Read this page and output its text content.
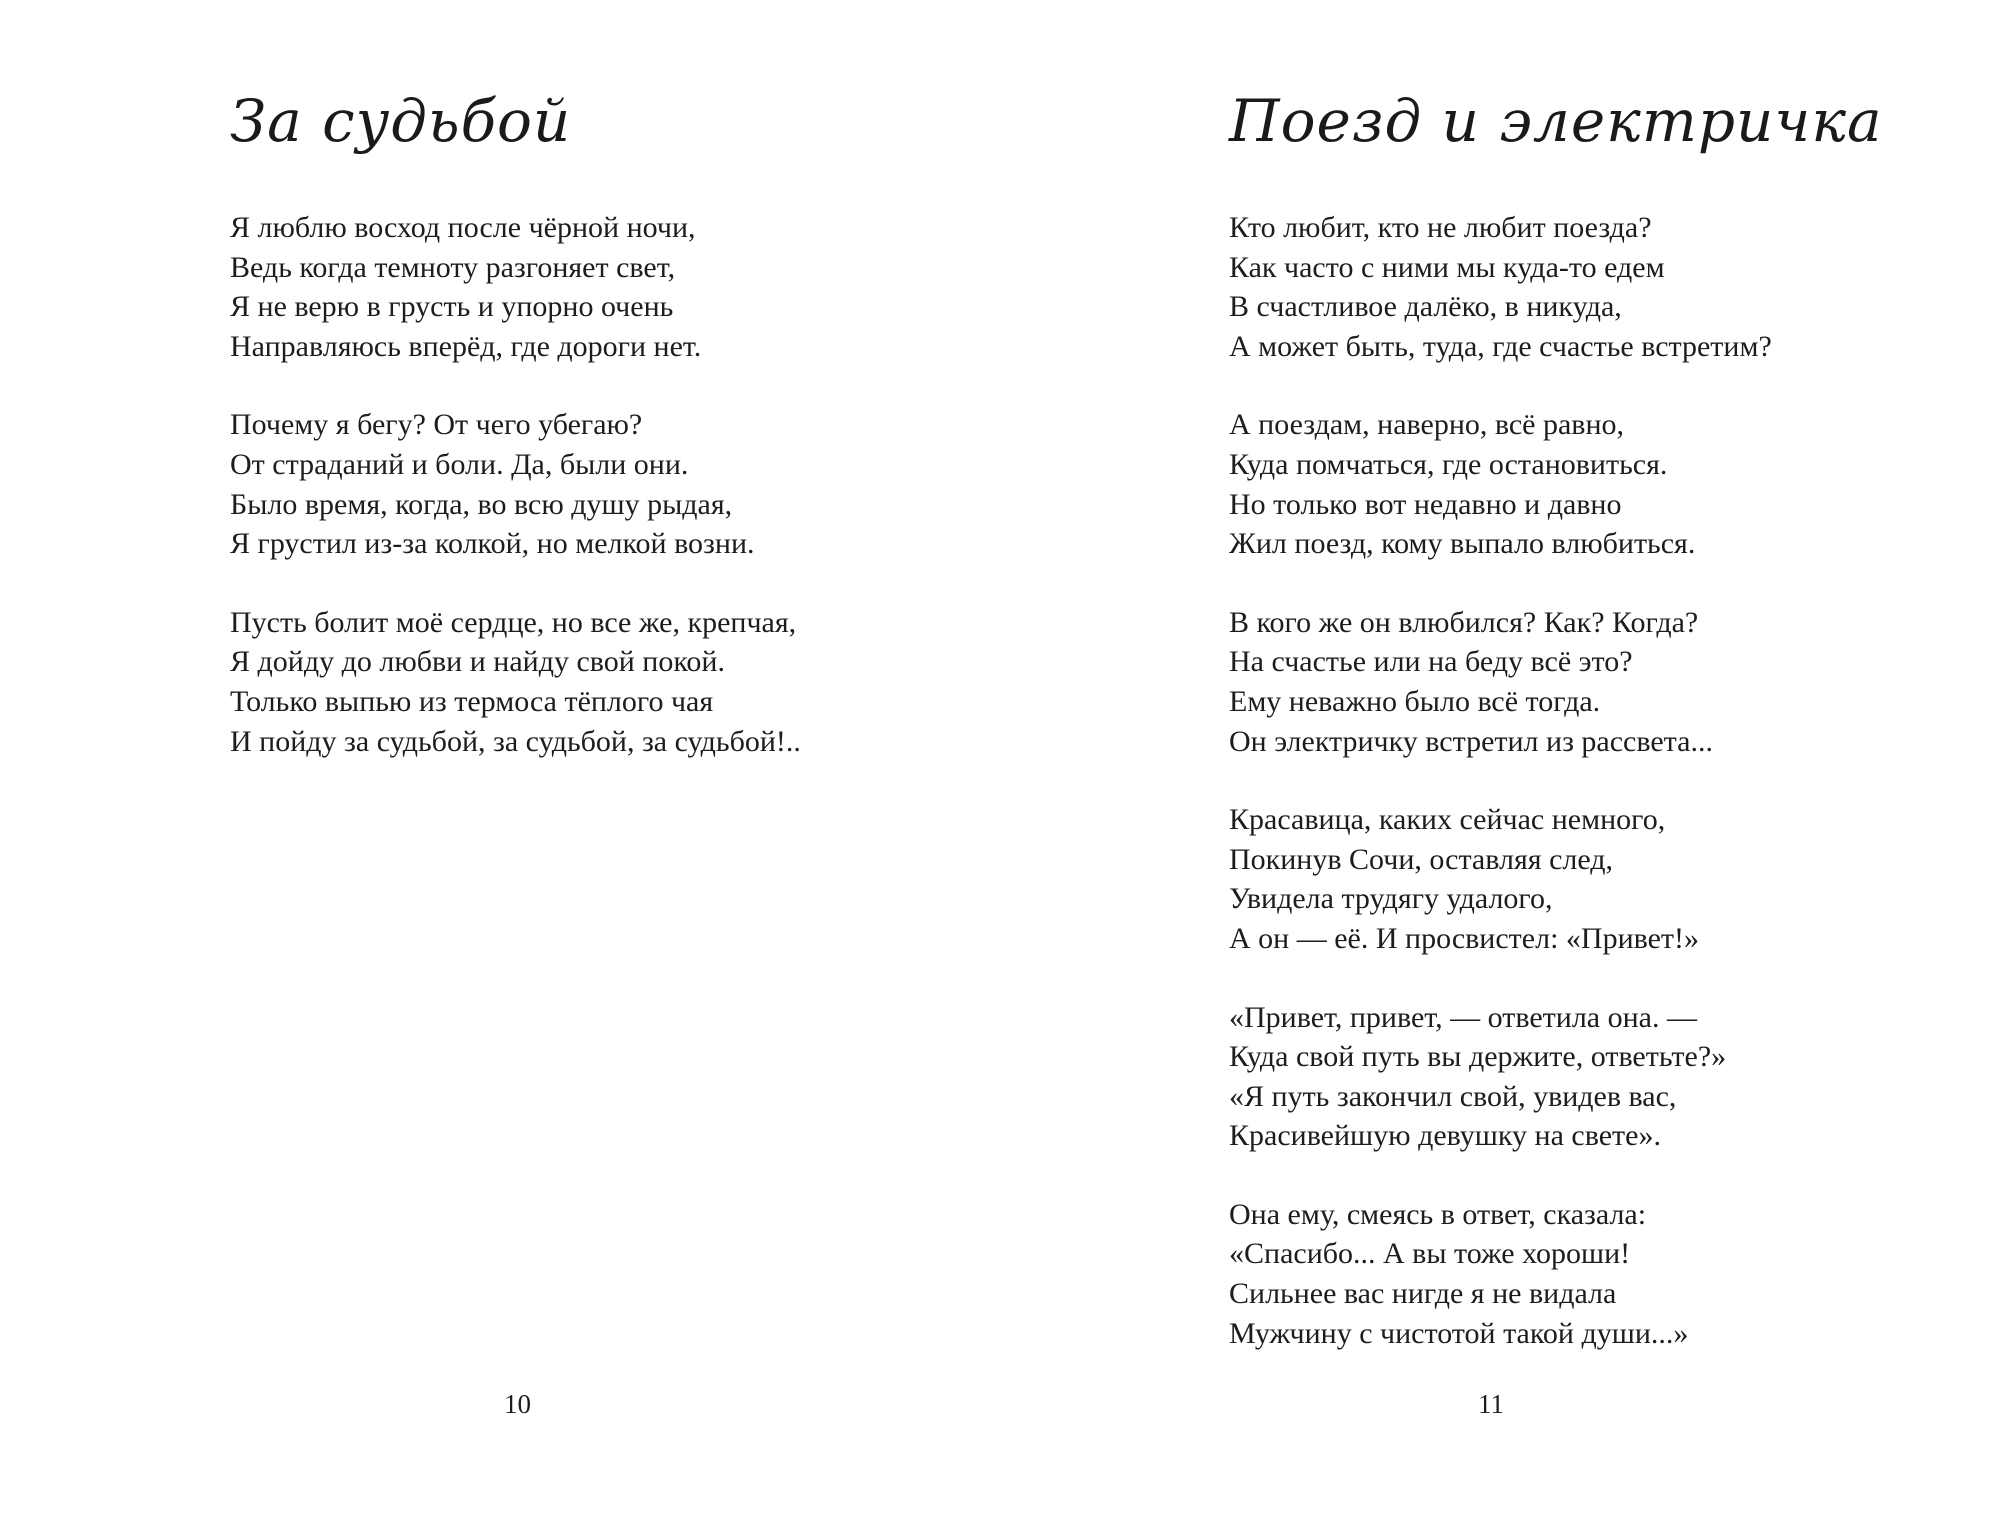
За судьбой
Я люблю восход после чёрной ночи,
Ведь когда темноту разгоняет свет,
Я не верю в грусть и упорно очень
Направляюсь вперёд, где дороги нет.
Почему я бегу? От чего убегаю?
От страданий и боли. Да, были они.
Было время, когда, во всю душу рыдая,
Я грустил из-за колкой, но мелкой возни.
Пусть болит моё сердце, но все же, крепчая,
Я дойду до любви и найду свой покой.
Только выпью из термоса тёплого чая
И пойду за судьбой, за судьбой, за судьбой!..
10
Поезд и электричка
Кто любит, кто не любит поезда?
Как часто с ними мы куда-то едем
В счастливое далёко, в никуда,
А может быть, туда, где счастье встретим?
А поездам, наверно, всё равно,
Куда помчаться, где остановиться.
Но только вот недавно и давно
Жил поезд, кому выпало влюбиться.
В кого же он влюбился? Как? Когда?
На счастье или на беду всё это?
Ему неважно было всё тогда.
Он электричку встретил из рассвета...
Красавица, каких сейчас немного,
Покинув Сочи, оставляя след,
Увидела трудягу удалого,
А он — её. И просвистел: «Привет!»
«Привет, привет, — ответила она. —
Куда свой путь вы держите, ответьте?»
«Я путь закончил свой, увидев вас,
Красивейшую девушку на свете».
Она ему, смеясь в ответ, сказала:
«Спасибо... А вы тоже хороши!
Сильнее вас нигде я не видала
Мужчину с чистотой такой души...»
11
